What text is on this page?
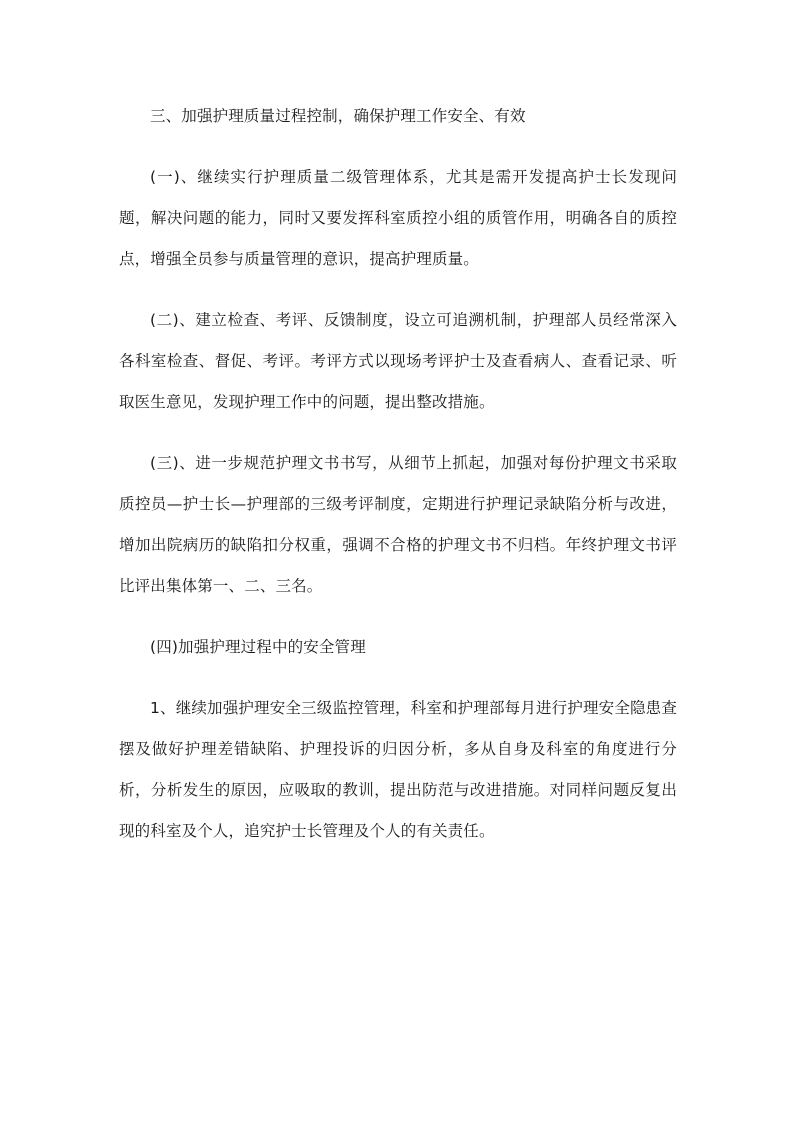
三、加强护理质量过程控制，确保护理工作安全、有效

(一)、继续实行护理质量二级管理体系，尤其是需开发提高护士长发现问题，解决问题的能力，同时又要发挥科室质控小组的质管作用，明确各自的质控点，增强全员参与质量管理的意识，提高护理质量。

(二)、建立检查、考评、反馈制度，设立可追溯机制，护理部人员经常深入各科室检查、督促、考评。考评方式以现场考评护士及查看病人、查看记录、听取医生意见，发现护理工作中的问题，提出整改措施。

(三)、进一步规范护理文书书写，从细节上抓起，加强对每份护理文书采取质控员—护士长—护理部的三级考评制度，定期进行护理记录缺陷分析与改进，增加出院病历的缺陷扣分权重，强调不合格的护理文书不归档。年终护理文书评比评出集体第一、二、三名。

(四)加强护理过程中的安全管理

1、继续加强护理安全三级监控管理，科室和护理部每月进行护理安全隐患查摆及做好护理差错缺陷、护理投诉的归因分析，多从自身及科室的角度进行分析，分析发生的原因，应吸取的教训，提出防范与改进措施。对同样问题反复出现的科室及个人，追究护士长管理及个人的有关责任。
